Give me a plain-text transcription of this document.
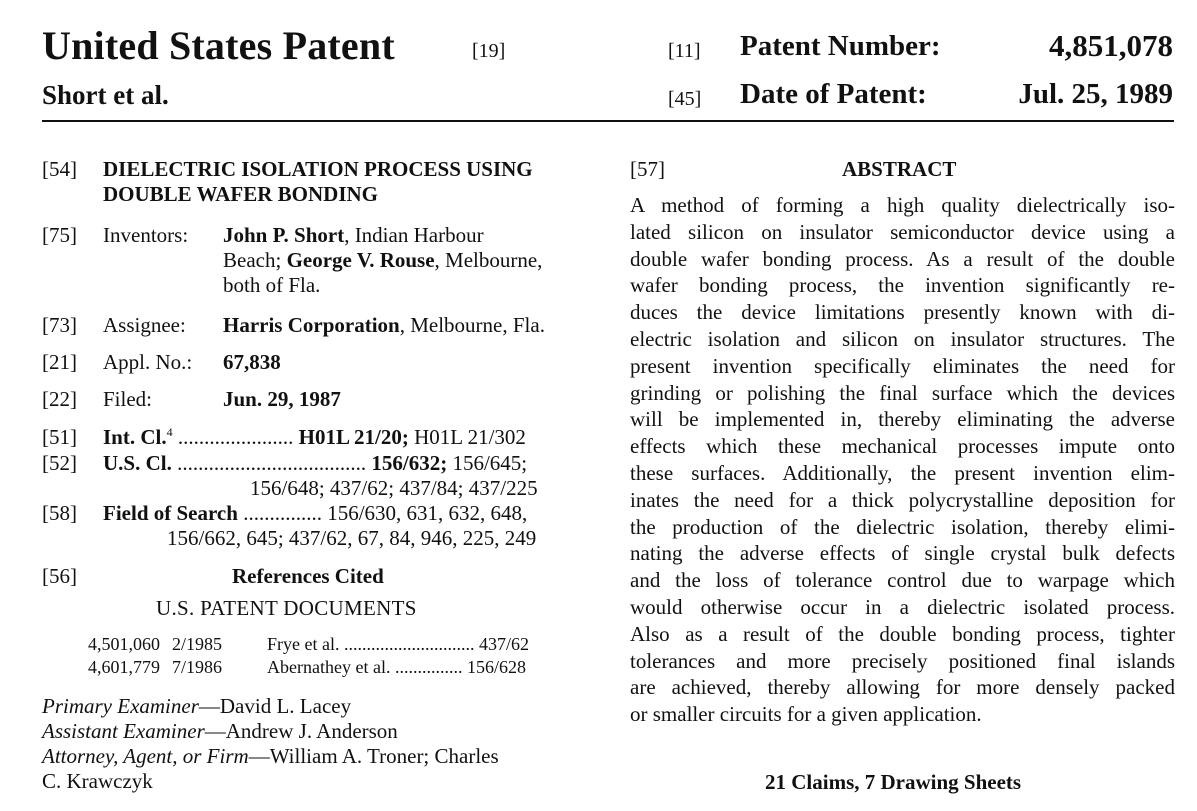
United States Patent	[19]
Short et al.
[11] Patent Number:	4,851,078
[45] Date of Patent:	Jul. 25, 1989
[54] DIELECTRIC ISOLATION PROCESS USING
DOUBLE WAFER BONDING
[75] Inventors: John P. Short, Indian Harbour
Beach; George V. Rouse, Melbourne,
both of Fla.
[73] Assignee: Harris Corporation, Melbourne, Fla.
[21] Appl. No.: 67,838
[22] Filed:	Jun. 29, 1987
[51] Int. Cl.$^4$ ...................... H01L 21/20; H01L 21/302
[52] U.S. Cl. .................................... 156/632; 156/645;
156/648; 437/62; 437/84; 437/225
[58] Field of Search ............... 156/630, 631, 632, 648,
156/662, 645; 437/62, 67, 84, 946, 225, 249
[56]	References Cited
U.S. PATENT DOCUMENTS
4,501,060 2/1985 Frye et al. ............................. 437/62
4,601,779 7/1986 Abernathey et al. ............... 156/628
Primary Examiner—David L. Lacey
Assistant Examiner—Andrew J. Anderson
Attorney, Agent, or Firm—William A. Troner; Charles
C. Krawczyk
[57]	ABSTRACT
A method of forming a high quality dielectrically iso-
lated silicon on insulator semiconductor device using a
double wafer bonding process. As a result of the double
wafer bonding process, the invention significantly re-
duces the device limitations presently known with di-
electric isolation and silicon on insulator structures. The
present invention specifically eliminates the need for
grinding or polishing the final surface which the devices
will be implemented in, thereby eliminating the adverse
effects which these mechanical processes impute onto
these surfaces. Additionally, the present invention elim-
inates the need for a thick polycrystalline deposition for
the production of the dielectric isolation, thereby elimi-
nating the adverse effects of single crystal bulk defects
and the loss of tolerance control due to warpage which
would otherwise occur in a dielectric isolated process.
Also as a result of the double bonding process, tighter
tolerances and more precisely positioned final islands
are achieved, thereby allowing for more densely packed
or smaller circuits for a given application.
21 Claims, 7 Drawing Sheets
